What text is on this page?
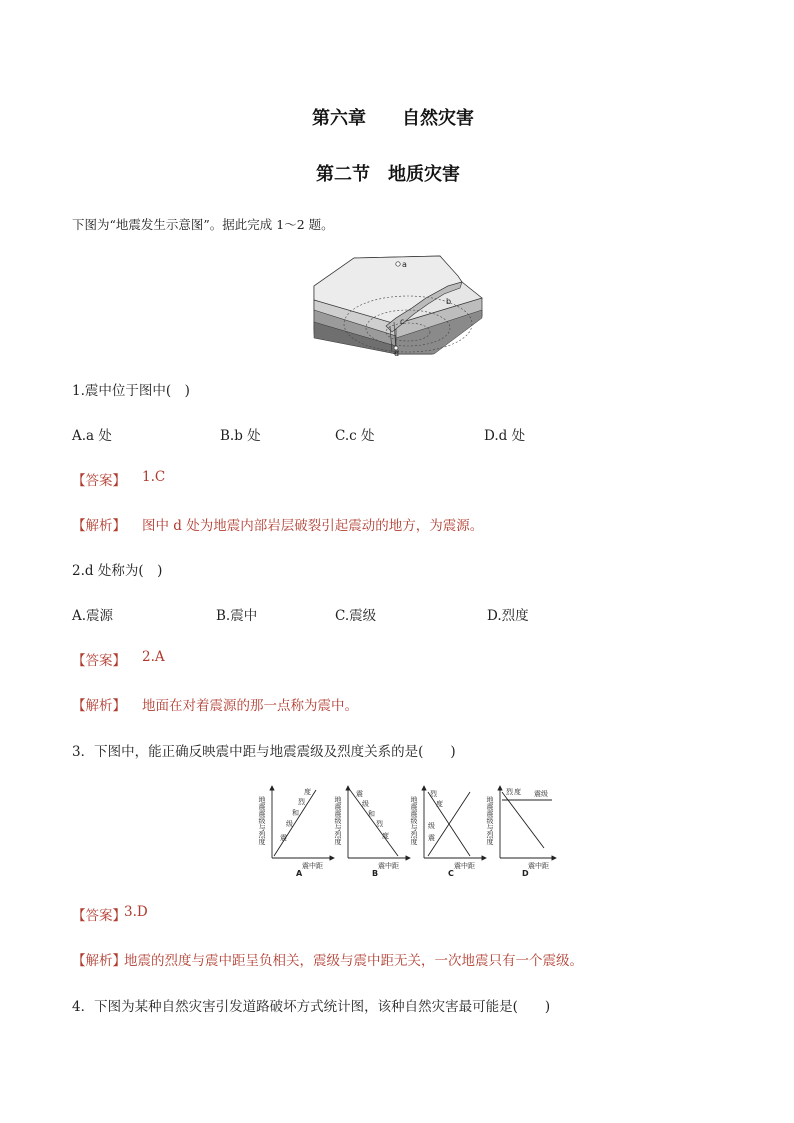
第六章　　自然灾害
第二节　地质灾害
下图为“地震发生示意图”。据此完成 1～2 题。
a
b
c
d
1.震中位于图中(　)
A.a 处	B.b 处	C.c 处	D.d 处
【答案】 1.C
【解析】 图中 d 处为地震内部岩层破裂引起震动的地方，为震源。
2.d 处称为(　)
A.震源	B.震中	C.震级	D.烈度
【答案】 2.A
【解析】 地面在对着震源的那一点称为震中。
3．下图中，能正确反映震中距与地震震级及烈度关系的是(　　)
地震震级与烈度
震中距
震
级
和
烈
度
A
地震震级与烈度
震中距
震
级
和
烈
度
B
地震震级与烈度
震中距
烈
度
级
震
C
地震震级与烈度
震中距
烈 度 震级
D
【答案】
3.D
【解析】
地震的烈度与震中距呈负相关，震级与震中距无关，一次地震只有一个震级。
4．下图为某种自然灾害引发道路破坏方式统计图，该种自然灾害最可能是(　　)
